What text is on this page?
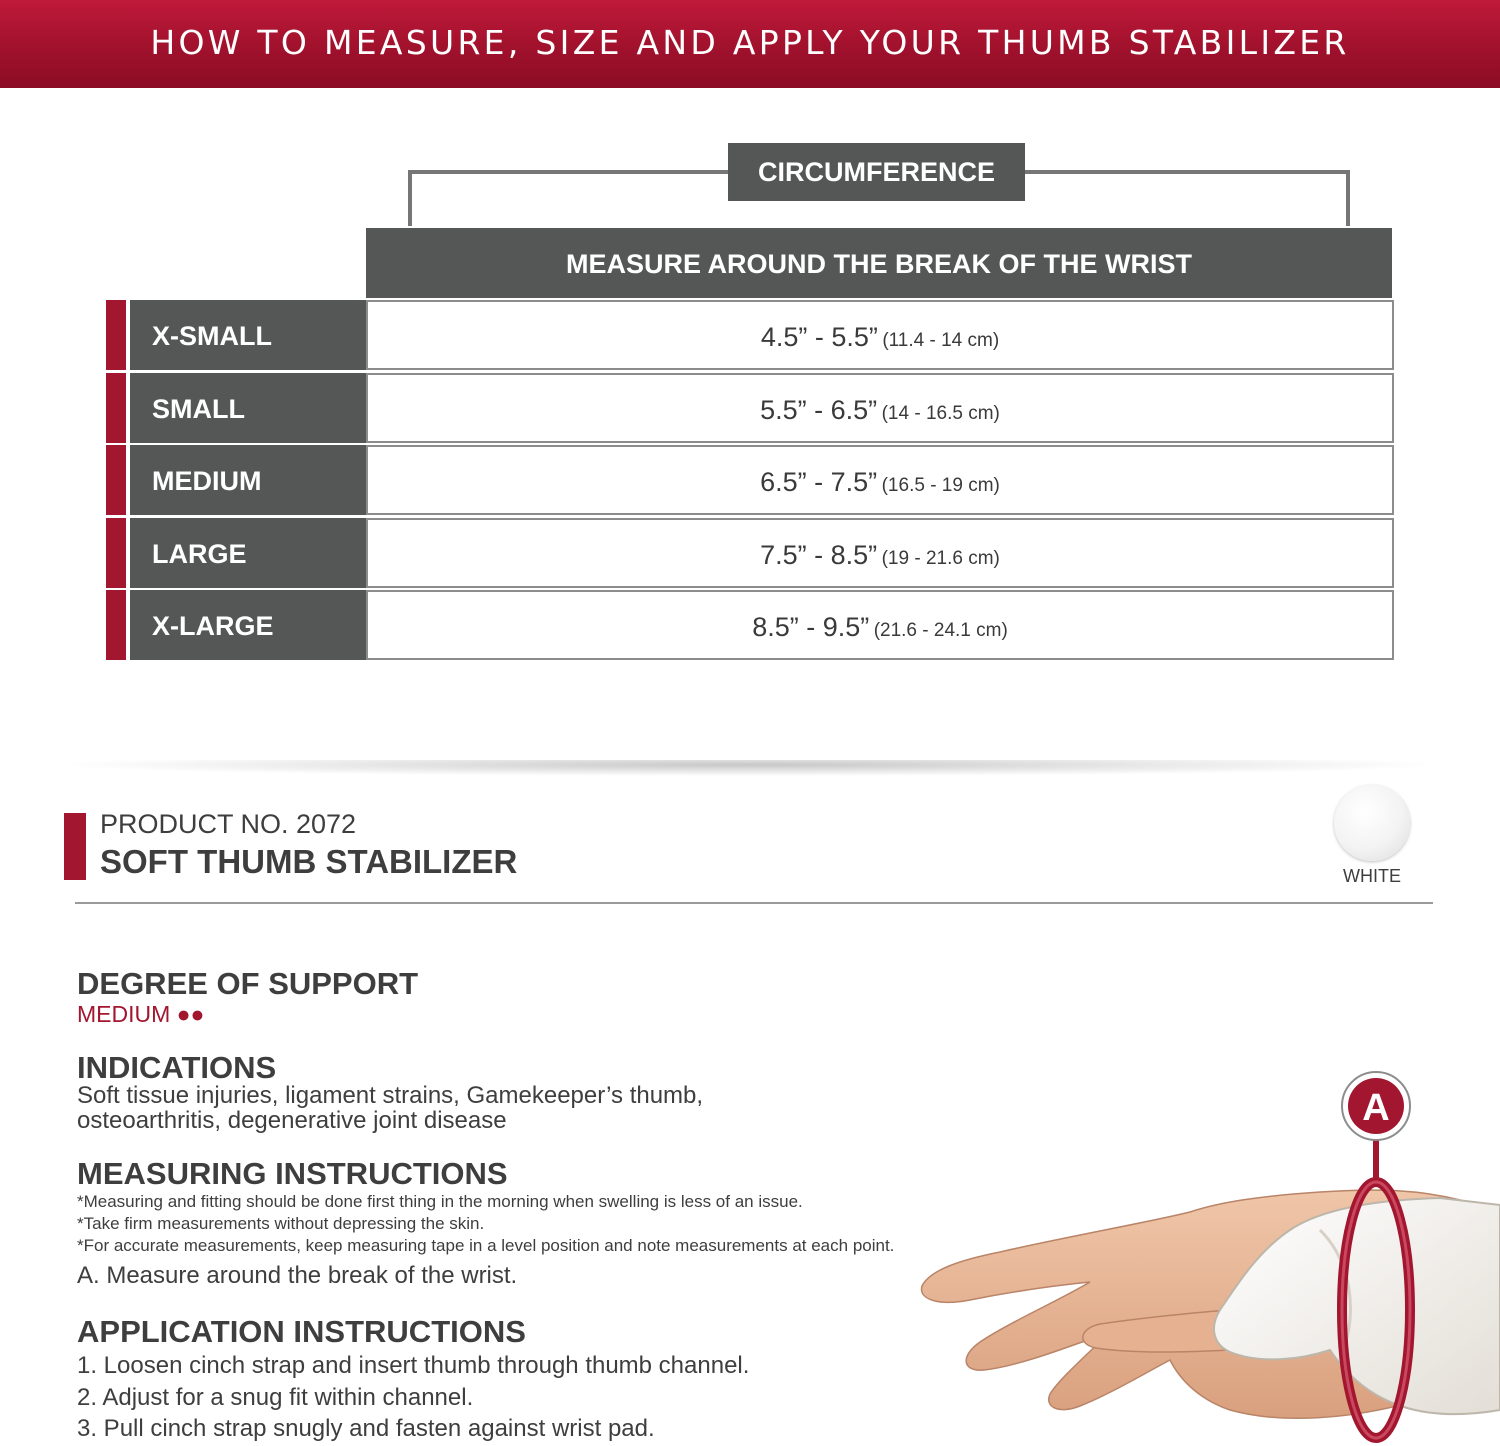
HOW TO MEASURE, SIZE AND APPLY YOUR THUMB STABILIZER
CIRCUMFERENCE
MEASURE AROUND THE BREAK OF THE WRIST
X-SMALL	4.5” - 5.5” (11.4 - 14 cm)
SMALL	5.5” - 6.5” (14 - 16.5 cm)
MEDIUM	6.5” - 7.5” (16.5 - 19 cm)
LARGE	7.5” - 8.5” (19 - 21.6 cm)
X-LARGE	8.5” - 9.5” (21.6 - 24.1 cm)
PRODUCT NO. 2072
SOFT THUMB STABILIZER	WHITE
DEGREE OF SUPPORT
MEDIUM ●●
INDICATIONS
Soft tissue injuries, ligament strains, Gamekeeper’s thumb,
osteoarthritis, degenerative joint disease
MEASURING INSTRUCTIONS
*Measuring and fitting should be done first thing in the morning when swelling is less of an issue.
*Take firm measurements without depressing the skin.
*For accurate measurements, keep measuring tape in a level position and note measurements at each point.
A. Measure around the break of the wrist.
APPLICATION INSTRUCTIONS
1. Loosen cinch strap and insert thumb through thumb channel.
2. Adjust for a snug fit within channel.
3. Pull cinch strap snugly and fasten against wrist pad.
A
